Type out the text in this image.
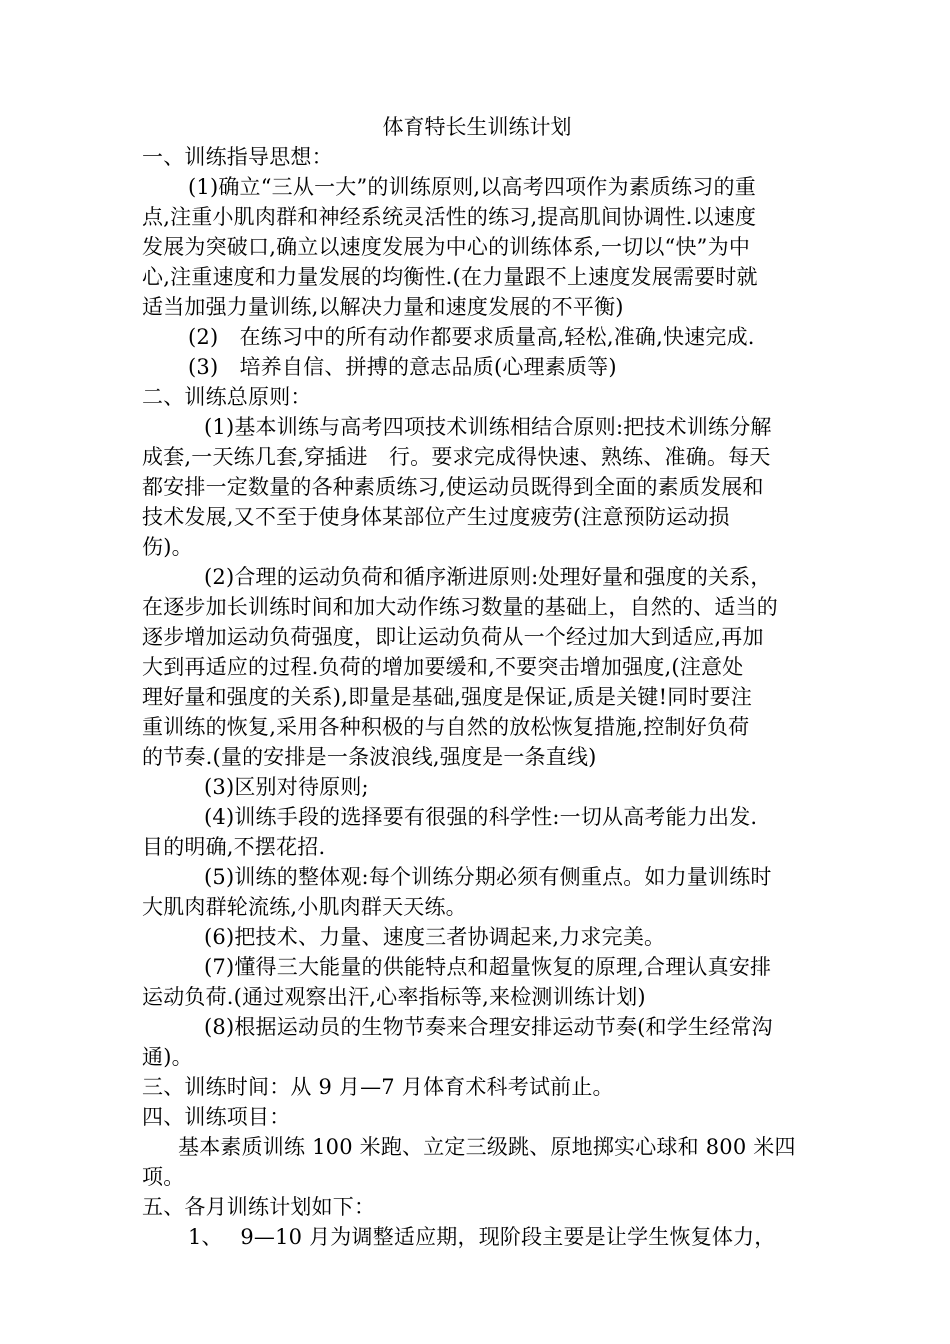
体育特长生训练计划
一、训练指导思想：
(1)确立“三从一大”的训练原则,以高考四项作为素质练习的重
点,注重小肌肉群和神经系统灵活性的练习,提高肌间协调性.以速度
发展为突破口,确立以速度发展为中心的训练体系,一切以“快”为中
心,注重速度和力量发展的均衡性.(在力量跟不上速度发展需要时就
适当加强力量训练,以解决力量和速度发展的不平衡)
(2)　在练习中的所有动作都要求质量高,轻松,准确,快速完成.
(3)　培养自信、拼搏的意志品质(心理素质等)
二、训练总原则：
(1)基本训练与高考四项技术训练相结合原则:把技术训练分解
成套,一天练几套,穿插进　行。要求完成得快速、熟练、准确。每天
都安排一定数量的各种素质练习,使运动员既得到全面的素质发展和
技术发展,又不至于使身体某部位产生过度疲劳(注意预防运动损
伤)。
(2)合理的运动负荷和循序渐进原则:处理好量和强度的关系，
在逐步加长训练时间和加大动作练习数量的基础上，自然的、适当的
逐步增加运动负荷强度，即让运动负荷从一个经过加大到适应,再加
大到再适应的过程.负荷的增加要缓和,不要突击增加强度,(注意处
理好量和强度的关系),即量是基础,强度是保证,质是关键!同时要注
重训练的恢复,采用各种积极的与自然的放松恢复措施,控制好负荷
的节奏.(量的安排是一条波浪线,强度是一条直线)
(3)区别对待原则;
(4)训练手段的选择要有很强的科学性:一切从高考能力出发.
目的明确,不摆花招.
(5)训练的整体观:每个训练分期必须有侧重点。如力量训练时
大肌肉群轮流练,小肌肉群天天练。
(6)把技术、力量、速度三者协调起来,力求完美。
(7)懂得三大能量的供能特点和超量恢复的原理,合理认真安排
运动负荷.(通过观察出汗,心率指标等,来检测训练计划)
(8)根据运动员的生物节奏来合理安排运动节奏(和学生经常沟
通)。
三、训练时间：从 9 月—7 月体育术科考试前止。
四、训练项目：
基本素质训练 100 米跑、立定三级跳、原地掷实心球和 800 米四
项。
五、各月训练计划如下：
1、　 9—10 月为调整适应期，现阶段主要是让学生恢复体力，
